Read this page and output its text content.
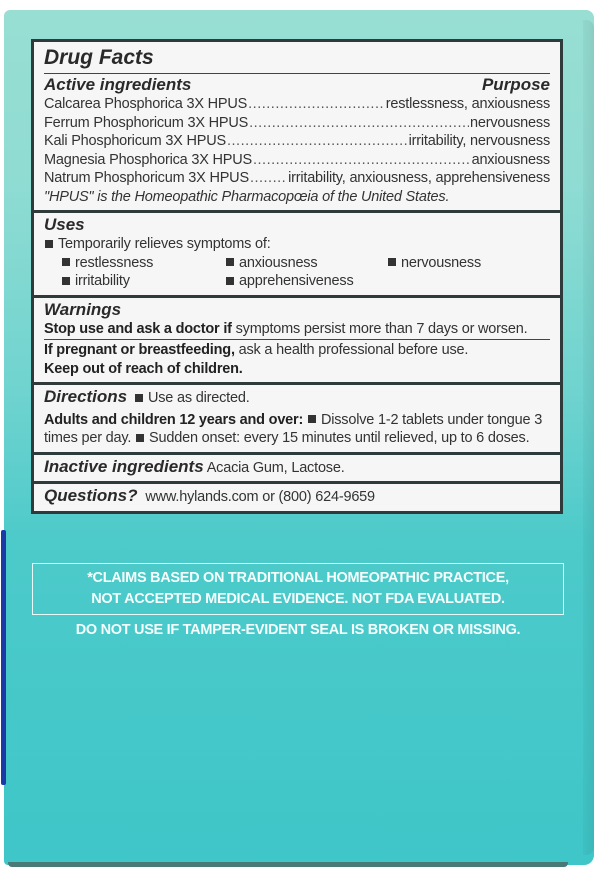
Drug Facts
Active ingredients	Purpose
Calcarea Phosphorica 3X HPUS .....	restlessness, anxiousness
Ferrum Phosphoricum 3X HPUS .....	nervousness
Kali Phosphoricum 3X HPUS .....	irritability, nervousness
Magnesia Phosphorica 3X HPUS .....	anxiousness
Natrum Phosphoricum 3X HPUS .....	irritability, anxiousness, apprehensiveness
"HPUS" is the Homeopathic Pharmacopœia of the United States.
Uses
Temporarily relieves symptoms of:
restlessness	anxiousness	nervousness
irritability	apprehensiveness
Warnings
Stop use and ask a doctor if symptoms persist more than 7 days or worsen.
If pregnant or breastfeeding, ask a health professional before use.
Keep out of reach of children.
Directions Use as directed.
Adults and children 12 years and over: Dissolve 1-2 tablets under tongue 3 times per day. Sudden onset: every 15 minutes until relieved, up to 6 doses.
Inactive ingredients Acacia Gum, Lactose.
Questions? www.hylands.com or (800) 624-9659
*CLAIMS BASED ON TRADITIONAL HOMEOPATHIC PRACTICE,
NOT ACCEPTED MEDICAL EVIDENCE. NOT FDA EVALUATED.
DO NOT USE IF TAMPER-EVIDENT SEAL IS BROKEN OR MISSING.
